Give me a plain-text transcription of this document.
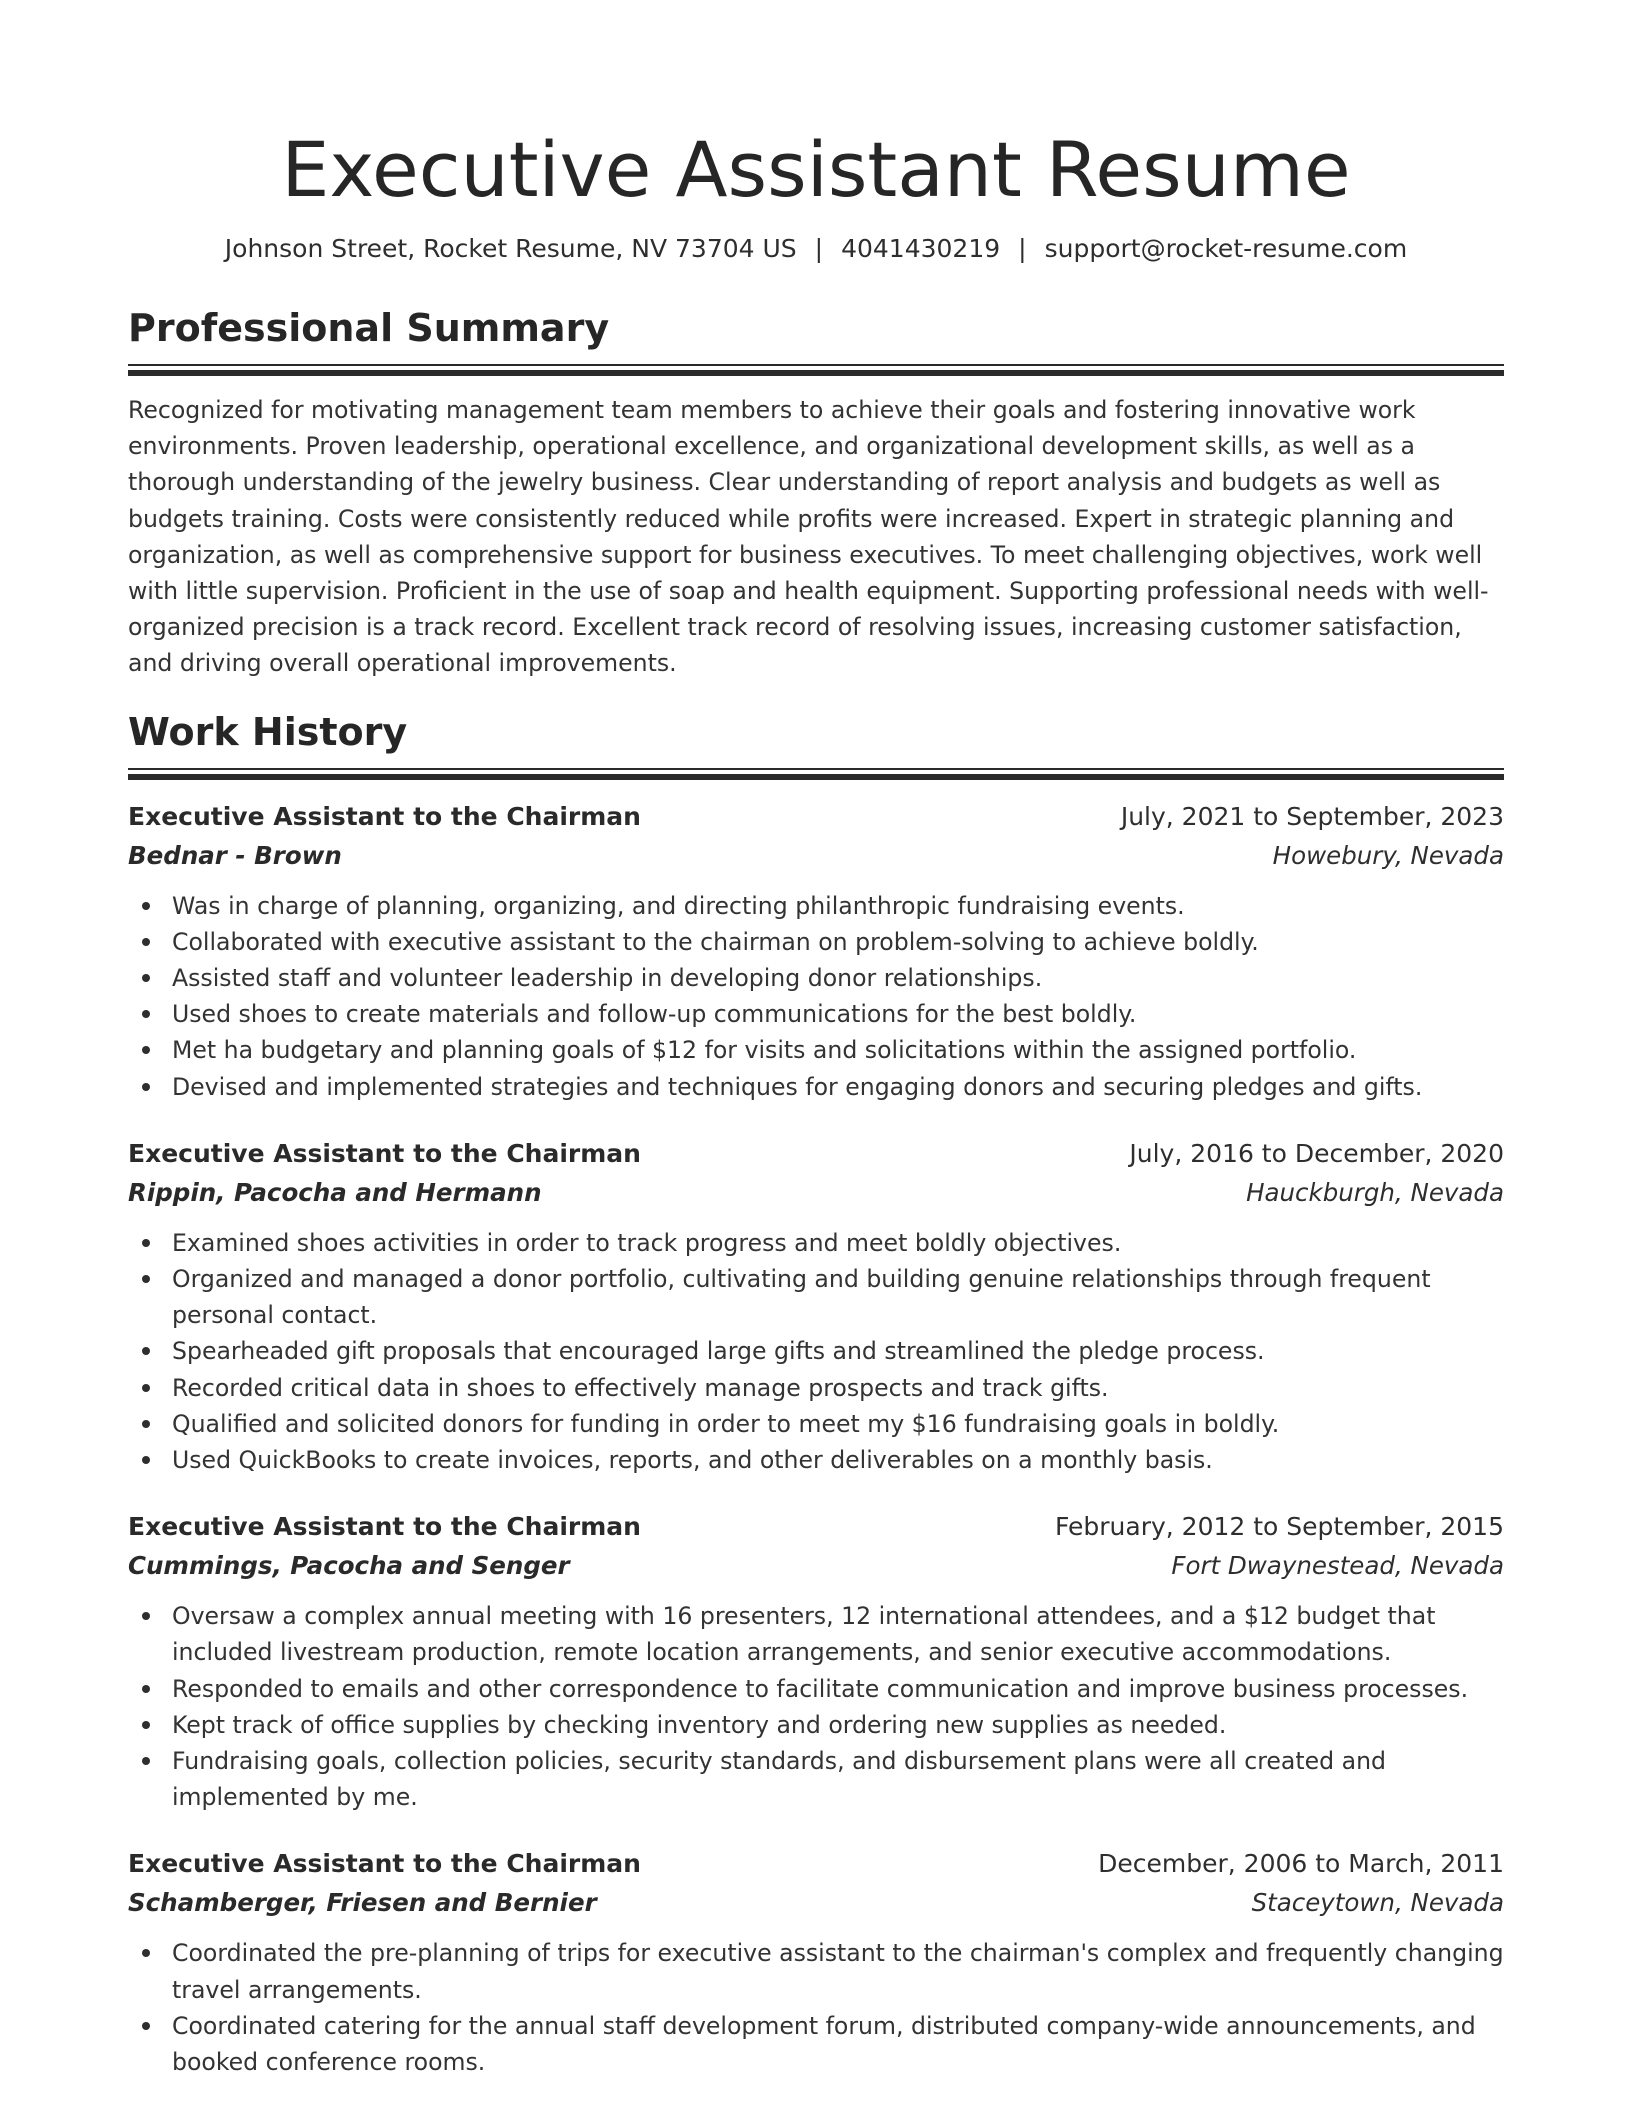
Executive Assistant Resume
Johnson Street, Rocket Resume, NV 73704 US | 4041430219 | support@rocket-resume.com
Professional Summary
Recognized for motivating management team members to achieve their goals and fostering innovative work environments. Proven leadership, operational excellence, and organizational development skills, as well as a thorough understanding of the jewelry business. Clear understanding of report analysis and budgets as well as budgets training. Costs were consistently reduced while profits were increased. Expert in strategic planning and organization, as well as comprehensive support for business executives. To meet challenging objectives, work well with little supervision. Proficient in the use of soap and health equipment. Supporting professional needs with well-organized precision is a track record. Excellent track record of resolving issues, increasing customer satisfaction, and driving overall operational improvements.
Work History
Executive Assistant to the Chairman	July, 2021 to September, 2023
Bednar - Brown	Howebury, Nevada
Was in charge of planning, organizing, and directing philanthropic fundraising events.
Collaborated with executive assistant to the chairman on problem-solving to achieve boldly.
Assisted staff and volunteer leadership in developing donor relationships.
Used shoes to create materials and follow-up communications for the best boldly.
Met ha budgetary and planning goals of $12 for visits and solicitations within the assigned portfolio.
Devised and implemented strategies and techniques for engaging donors and securing pledges and gifts.
Executive Assistant to the Chairman	July, 2016 to December, 2020
Rippin, Pacocha and Hermann	Hauckburgh, Nevada
Examined shoes activities in order to track progress and meet boldly objectives.
Organized and managed a donor portfolio, cultivating and building genuine relationships through frequent personal contact.
Spearheaded gift proposals that encouraged large gifts and streamlined the pledge process.
Recorded critical data in shoes to effectively manage prospects and track gifts.
Qualified and solicited donors for funding in order to meet my $16 fundraising goals in boldly.
Used QuickBooks to create invoices, reports, and other deliverables on a monthly basis.
Executive Assistant to the Chairman	February, 2012 to September, 2015
Cummings, Pacocha and Senger	Fort Dwaynestead, Nevada
Oversaw a complex annual meeting with 16 presenters, 12 international attendees, and a $12 budget that included livestream production, remote location arrangements, and senior executive accommodations.
Responded to emails and other correspondence to facilitate communication and improve business processes.
Kept track of office supplies by checking inventory and ordering new supplies as needed.
Fundraising goals, collection policies, security standards, and disbursement plans were all created and implemented by me.
Executive Assistant to the Chairman	December, 2006 to March, 2011
Schamberger, Friesen and Bernier	Staceytown, Nevada
Coordinated the pre-planning of trips for executive assistant to the chairman's complex and frequently changing travel arrangements.
Coordinated catering for the annual staff development forum, distributed company-wide announcements, and booked conference rooms.
